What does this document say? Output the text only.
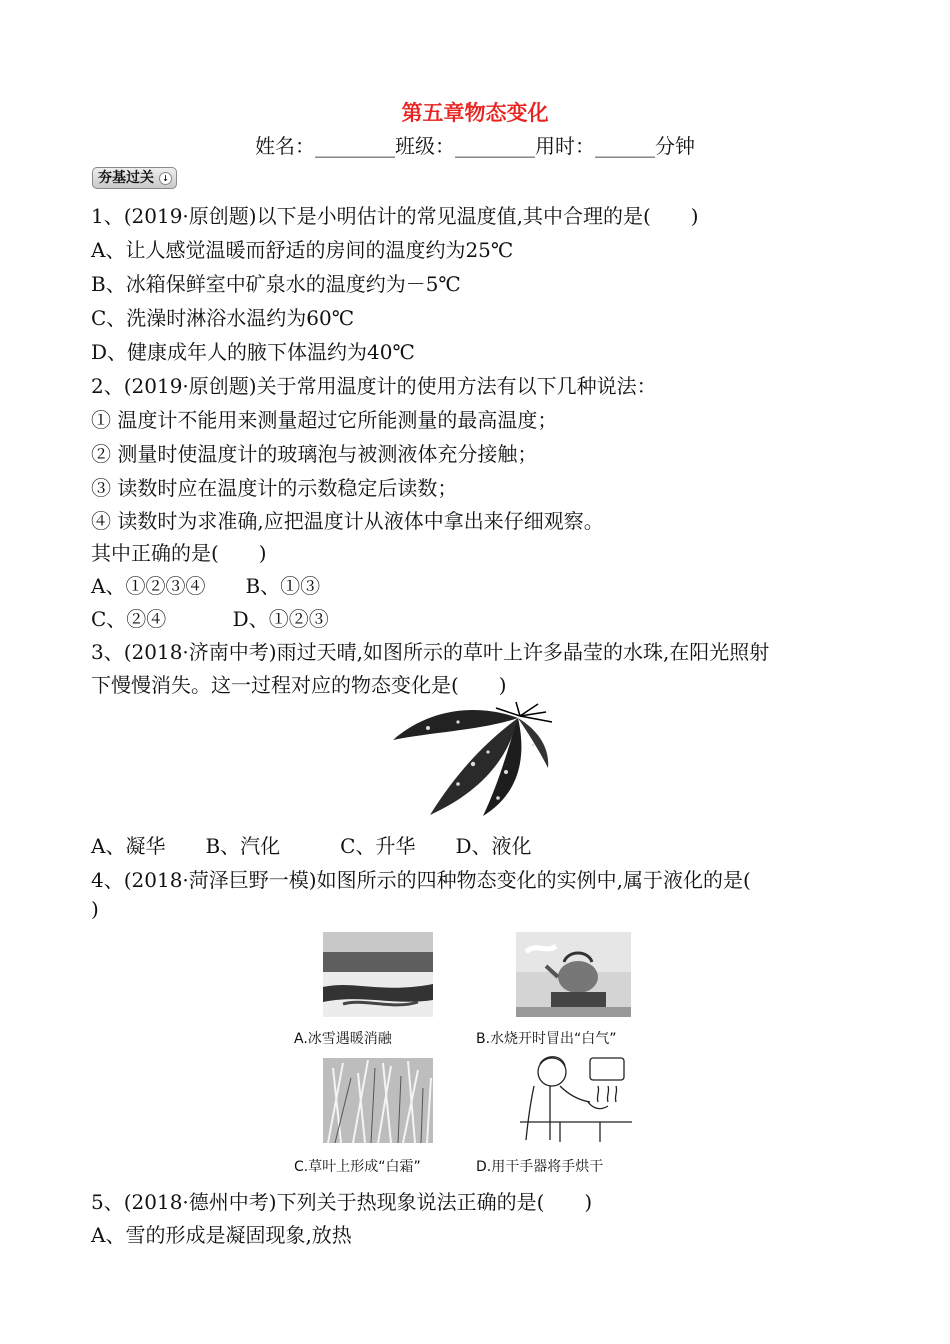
第五章物态变化
姓名：________班级：________用时：______分钟
夯基过关	↓
1、(2019·原创题)以下是小明估计的常见温度值,其中合理的是(　　)
A、让人感觉温暖而舒适的房间的温度约为25℃
B、冰箱保鲜室中矿泉水的温度约为－5℃
C、洗澡时淋浴水温约为60℃
D、健康成年人的腋下体温约为40℃
2、(2019·原创题)关于常用温度计的使用方法有以下几种说法：
① 温度计不能用来测量超过它所能测量的最高温度；
② 测量时使温度计的玻璃泡与被测液体充分接触；
③ 读数时应在温度计的示数稳定后读数；
④ 读数时为求准确,应把温度计从液体中拿出来仔细观察。
其中正确的是(　　)
A、①②③④　　B、①③
C、②④　　　 D、①②③
3、(2018·济南中考)雨过天晴,如图所示的草叶上许多晶莹的水珠,在阳光照射
下慢慢消失。这一过程对应的物态变化是(　　)
A、凝华　　B、汽化　　　C、升华　　D、液化
4、(2018·菏泽巨野一模)如图所示的四种物态变化的实例中,属于液化的是(
)
A.冰雪遇暖消融	B.水烧开时冒出“白气”
C.草叶上形成“白霜”	D.用干手器将手烘干
5、(2018·德州中考)下列关于热现象说法正确的是(　　)
A、雪的形成是凝固现象,放热
